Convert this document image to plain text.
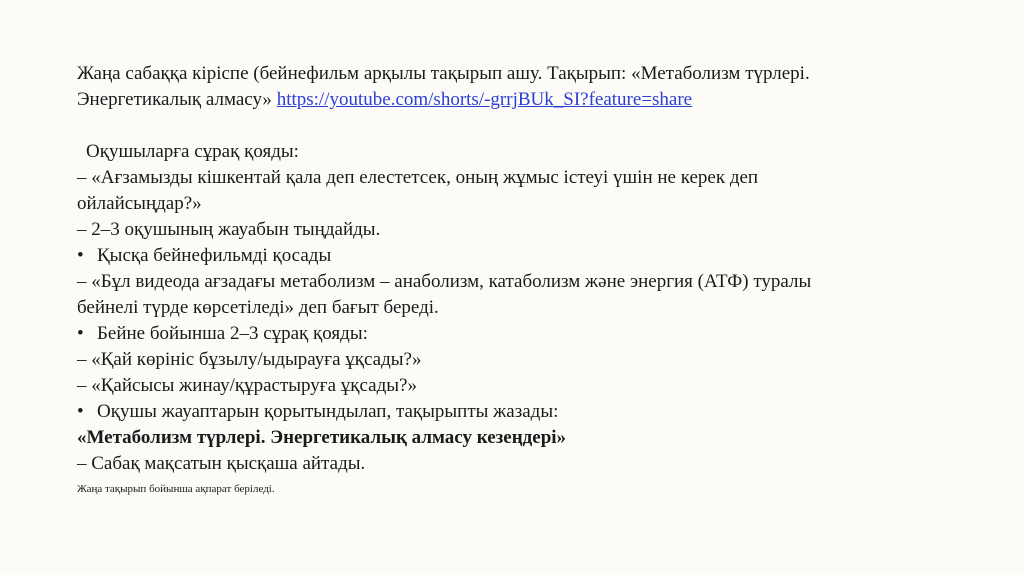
Жаңа сабаққа кіріспе (бейнефильм арқылы тақырып ашу. Тақырып: «Метаболизм түрлері.
Энергетикалық алмасу» https://youtube.com/shorts/-grrjBUk_SI?feature=share
Оқушыларға сұрақ қояды:
– «Ағзамызды кішкентай қала деп елестетсек, оның жұмыс істеуі үшін не керек деп
ойлайсыңдар?»
– 2–3 оқушының жауабын тыңдайды.
• Қысқа бейнефильмді қосады
– «Бұл видеода ағзадағы метаболизм – анаболизм, катаболизм және энергия (АТФ) туралы
бейнелі түрде көрсетіледі» деп бағыт береді.
• Бейне бойынша 2–3 сұрақ қояды:
– «Қай көрініс бұзылу/ыдырауға ұқсады?»
– «Қайсысы жинау/құрастыруға ұқсады?»
• Оқушы жауаптарын қорытындылап, тақырыпты жазады:
«Метаболизм түрлері. Энергетикалық алмасу кезеңдері»
– Сабақ мақсатын қысқаша айтады.
Жаңа тақырып бойынша ақпарат беріледі.
